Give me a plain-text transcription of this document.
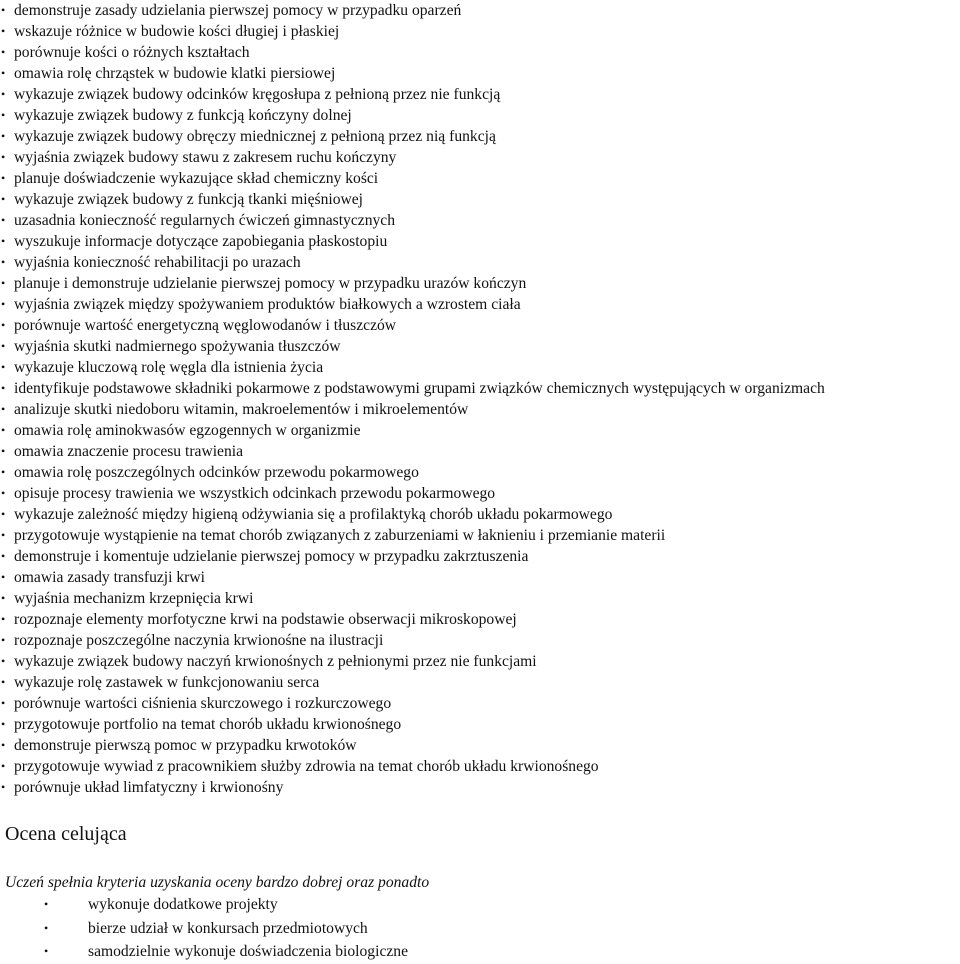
• demonstruje zasady udzielania pierwszej pomocy w przypadku oparzeń
• wskazuje różnice w budowie kości długiej i płaskiej
• porównuje kości o różnych kształtach
• omawia rolę chrząstek w budowie klatki piersiowej
• wykazuje związek budowy odcinków kręgosłupa z pełnioną przez nie funkcją
• wykazuje związek budowy z funkcją kończyny dolnej
• wykazuje związek budowy obręczy miednicznej z pełnioną przez nią funkcją
• wyjaśnia związek budowy stawu z zakresem ruchu kończyny
• planuje doświadczenie wykazujące skład chemiczny kości
• wykazuje związek budowy z funkcją tkanki mięśniowej
• uzasadnia konieczność regularnych ćwiczeń gimnastycznych
• wyszukuje informacje dotyczące zapobiegania płaskostopiu
• wyjaśnia konieczność rehabilitacji po urazach
• planuje i demonstruje udzielanie pierwszej pomocy w przypadku urazów kończyn
• wyjaśnia związek między spożywaniem produktów białkowych a wzrostem ciała
• porównuje wartość energetyczną węglowodanów i tłuszczów
• wyjaśnia skutki nadmiernego spożywania tłuszczów
• wykazuje kluczową rolę węgla dla istnienia życia
• identyfikuje podstawowe składniki pokarmowe z podstawowymi grupami związków chemicznych występujących w organizmach
• analizuje skutki niedoboru witamin, makroelementów i mikroelementów
• omawia rolę aminokwasów egzogennych w organizmie
• omawia znaczenie procesu trawienia
• omawia rolę poszczególnych odcinków przewodu pokarmowego
• opisuje procesy trawienia we wszystkich odcinkach przewodu pokarmowego
• wykazuje zależność między higieną odżywiania się a profilaktyką chorób układu pokarmowego
• przygotowuje wystąpienie na temat chorób związanych z zaburzeniami w łaknieniu i przemianie materii
• demonstruje i komentuje udzielanie pierwszej pomocy w przypadku zakrztuszenia
• omawia zasady transfuzji krwi
• wyjaśnia mechanizm krzepnięcia krwi
• rozpoznaje elementy morfotyczne krwi na podstawie obserwacji mikroskopowej
• rozpoznaje poszczególne naczynia krwionośne na ilustracji
• wykazuje związek budowy naczyń krwionośnych z pełnionymi przez nie funkcjami
• wykazuje rolę zastawek w funkcjonowaniu serca
• porównuje wartości ciśnienia skurczowego i rozkurczowego
• przygotowuje portfolio na temat chorób układu krwionośnego
• demonstruje pierwszą pomoc w przypadku krwotoków
• przygotowuje wywiad z pracownikiem służby zdrowia na temat chorób układu krwionośnego
• porównuje układ limfatyczny i krwionośny
Ocena celująca
Uczeń spełnia kryteria uzyskania oceny bardzo dobrej oraz ponadto
•	wykonuje dodatkowe projekty
•	bierze udział w konkursach przedmiotowych
•	samodzielnie wykonuje doświadczenia biologiczne
